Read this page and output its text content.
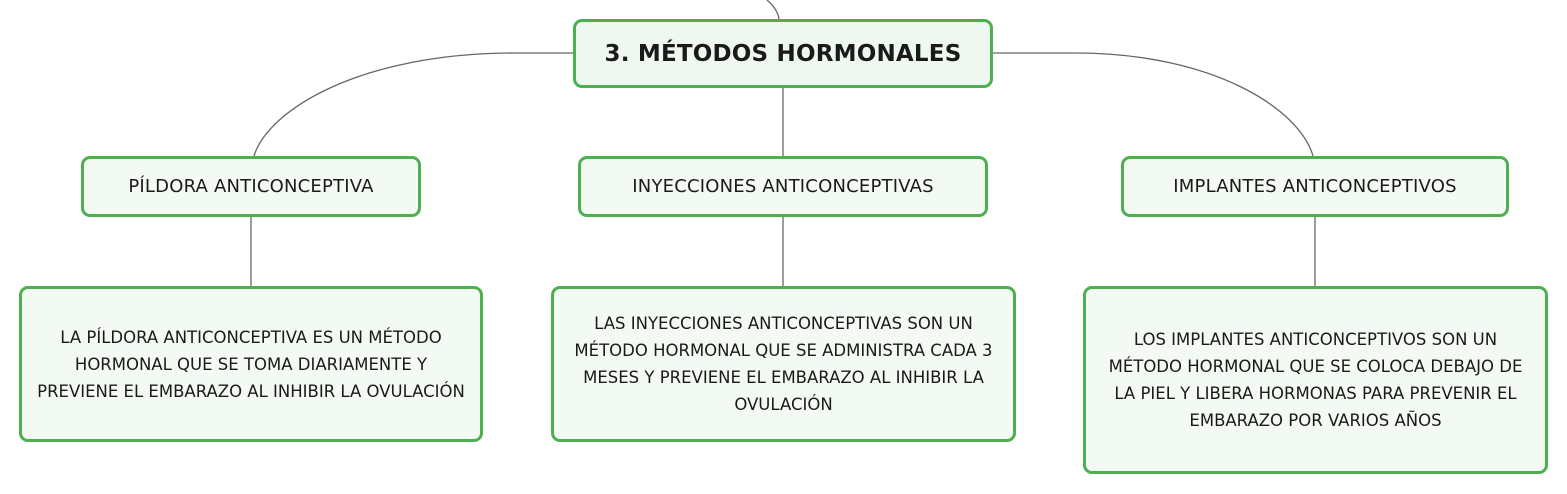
3. MÉTODOS HORMONALES
PÍLDORA ANTICONCEPTIVA	INYECCIONES ANTICONCEPTIVAS	IMPLANTES ANTICONCEPTIVOS
LA PÍLDORA ANTICONCEPTIVA ES UN MÉTODO HORMONAL QUE SE TOMA DIARIAMENTE Y PREVIENE EL EMBARAZO AL INHIBIR LA OVULACIÓN
LAS INYECCIONES ANTICONCEPTIVAS SON UN MÉTODO HORMONAL QUE SE ADMINISTRA CADA 3 MESES Y PREVIENE EL EMBARAZO AL INHIBIR LA OVULACIÓN
LOS IMPLANTES ANTICONCEPTIVOS SON UN MÉTODO HORMONAL QUE SE COLOCA DEBAJO DE LA PIEL Y LIBERA HORMONAS PARA PREVENIR EL EMBARAZO POR VARIOS AÑOS
